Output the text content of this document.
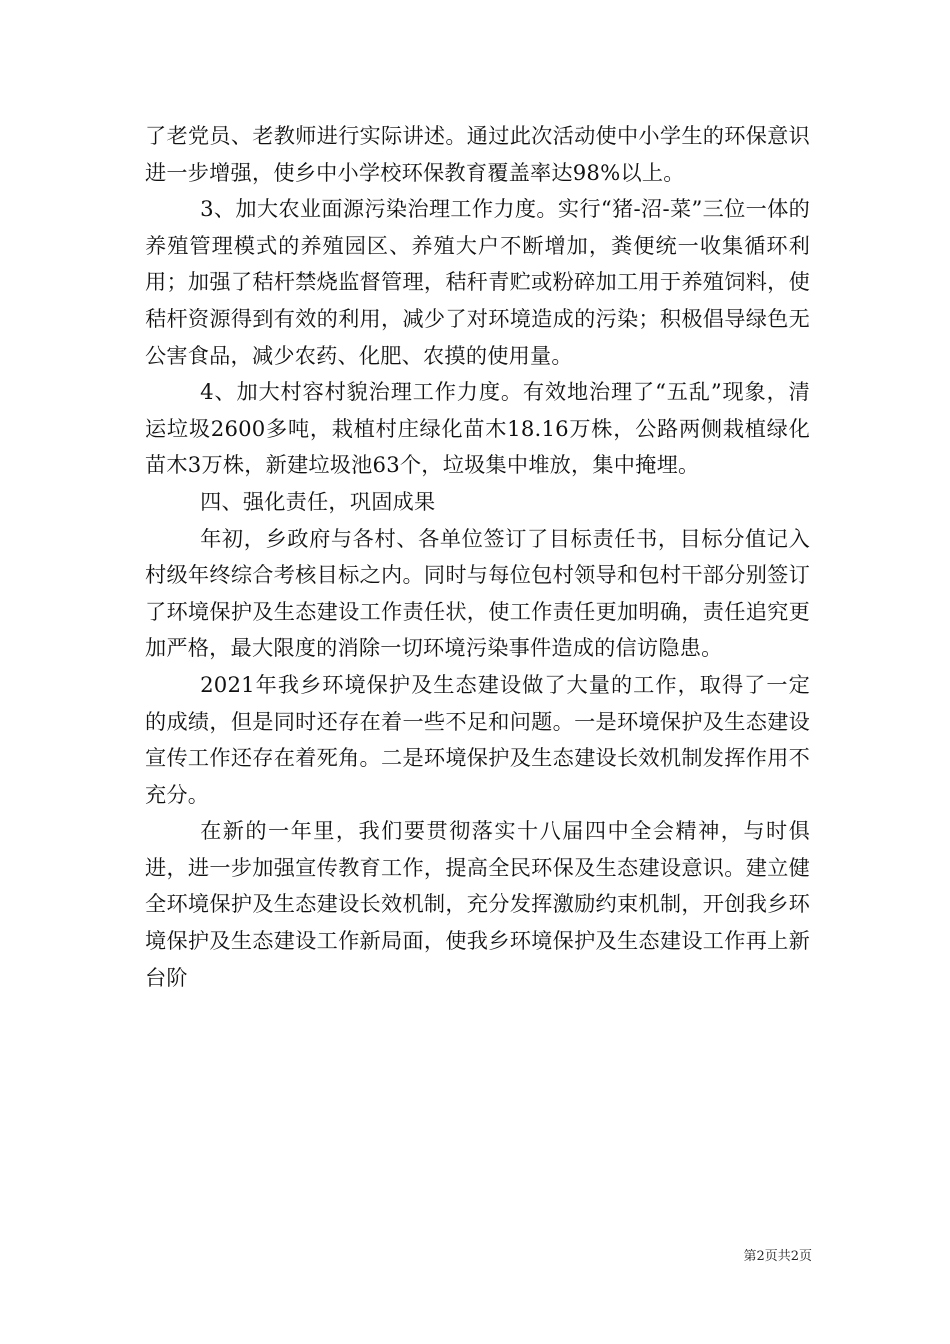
了老党员、老教师进行实际讲述。通过此次活动使中小学生的环保意识进一步增强，使乡中小学校环保教育覆盖率达98%以上。

3、加大农业面源污染治理工作力度。实行“猪-沼-菜”三位一体的养殖管理模式的养殖园区、养殖大户不断增加，粪便统一收集循环利用；加强了秸杆禁烧监督管理，秸秆青贮或粉碎加工用于养殖饲料，使秸杆资源得到有效的利用，减少了对环境造成的污染；积极倡导绿色无公害食品，减少农药、化肥、农摸的使用量。

4、加大村容村貌治理工作力度。有效地治理了“五乱”现象，清运垃圾2600多吨，栽植村庄绿化苗木18.16万株，公路两侧栽植绿化苗木3万株，新建垃圾池63个，垃圾集中堆放，集中掩埋。

四、强化责任，巩固成果

年初，乡政府与各村、各单位签订了目标责任书，目标分值记入村级年终综合考核目标之内。同时与每位包村领导和包村干部分别签订了环境保护及生态建设工作责任状，使工作责任更加明确，责任追究更加严格，最大限度的消除一切环境污染事件造成的信访隐患。

2021年我乡环境保护及生态建设做了大量的工作，取得了一定的成绩，但是同时还存在着一些不足和问题。一是环境保护及生态建设宣传工作还存在着死角。二是环境保护及生态建设长效机制发挥作用不充分。

在新的一年里，我们要贯彻落实十八届四中全会精神，与时俱进，进一步加强宣传教育工作，提高全民环保及生态建设意识。建立健全环境保护及生态建设长效机制，充分发挥激励约束机制，开创我乡环境保护及生态建设工作新局面，使我乡环境保护及生态建设工作再上新台阶

第2页共2页
